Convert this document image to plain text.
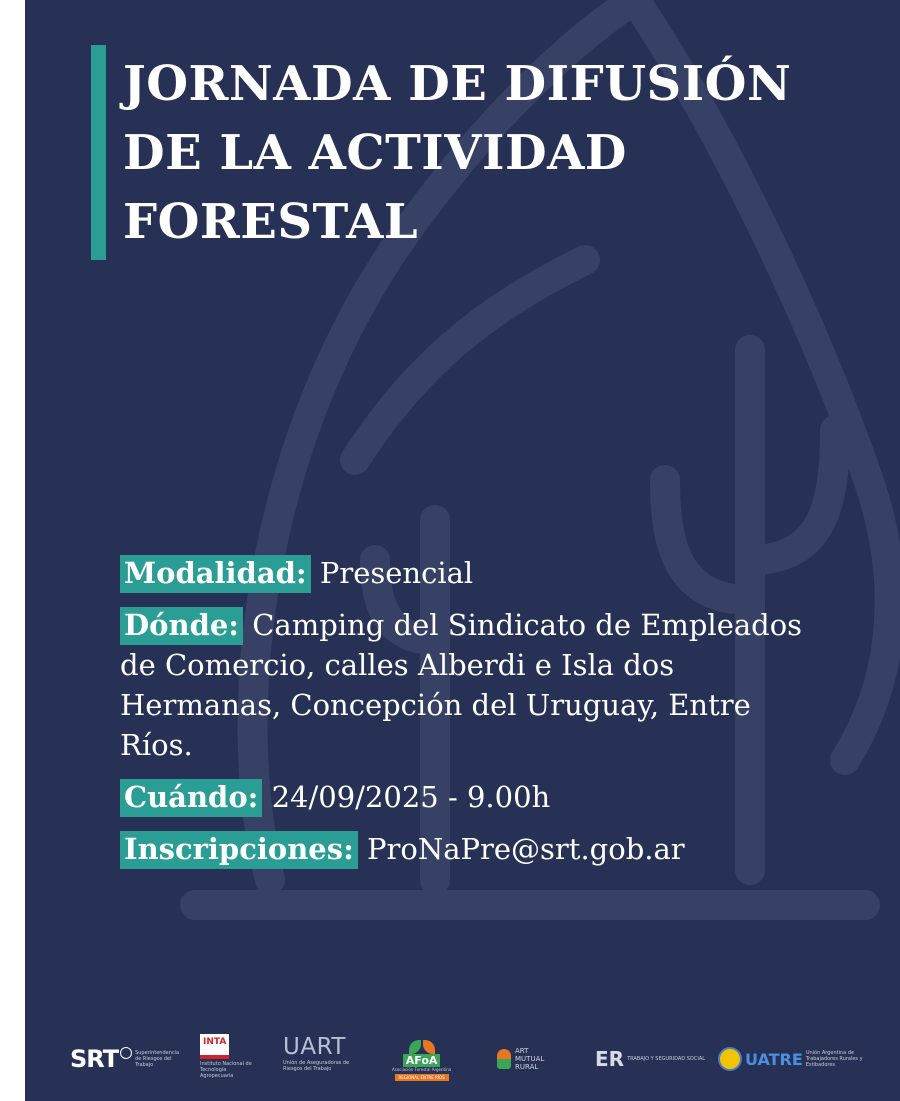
JORNADA DE DIFUSIÓN
DE LA ACTIVIDAD
FORESTAL

Modalidad: Presencial

Dónde: Camping del Sindicato de Empleados de Comercio, calles Alberdi e Isla dos Hermanas, Concepción del Uruguay, Entre Ríos.

Cuándo: 24/09/2025 - 9.00h

Inscripciones: ProNaPre@srt.gob.ar

SRT	Superintendencia de Riesgos del Trabajo
INTA
Instituto Nacional de Tecnología Agropecuaria
UART
Unión de Aseguradoras de Riesgos del Trabajo
AFoA
Asociación Forestal Argentina
REGIONAL ENTRE RÍOS
ART MUTUAL RURAL	ER TRABAJO Y SEGURIDAD SOCIAL	UATRE Unión Argentina de Trabajadores Rurales y Estibadores
